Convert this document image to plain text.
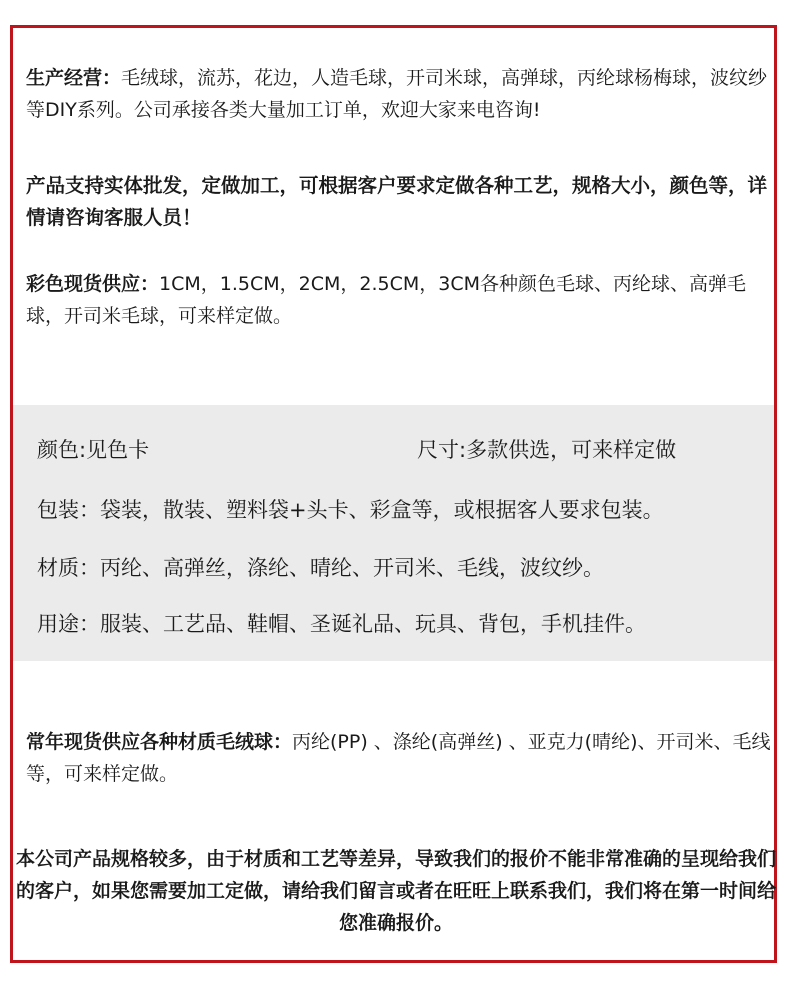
生产经营：毛绒球，流苏，花边，人造毛球，开司米球，高弹球，丙纶球杨梅球，波纹纱等DIY系列。公司承接各类大量加工订单，欢迎大家来电咨询!
产品支持实体批发，定做加工，可根据客户要求定做各种工艺，规格大小，颜色等，详情请咨询客服人员！
彩色现货供应：1CM，1.5CM，2CM，2.5CM，3CM各种颜色毛球、丙纶球、高弹毛球，开司米毛球，可来样定做。
颜色:见色卡	尺寸:多款供选，可来样定做
包装：袋装，散装、塑料袋+头卡、彩盒等，或根据客人要求包装。
材质：丙纶、高弹丝，涤纶、晴纶、开司米、毛线，波纹纱。
用途：服装、工艺品、鞋帽、圣诞礼品、玩具、背包，手机挂件。
常年现货供应各种材质毛绒球：丙纶(PP) 、涤纶(高弹丝) 、亚克力(晴纶)、开司米、毛线等，可来样定做。
本公司产品规格较多，由于材质和工艺等差异，导致我们的报价不能非常准确的呈现给我们的客户，如果您需要加工定做，请给我们留言或者在旺旺上联系我们，我们将在第一时间给您准确报价。
